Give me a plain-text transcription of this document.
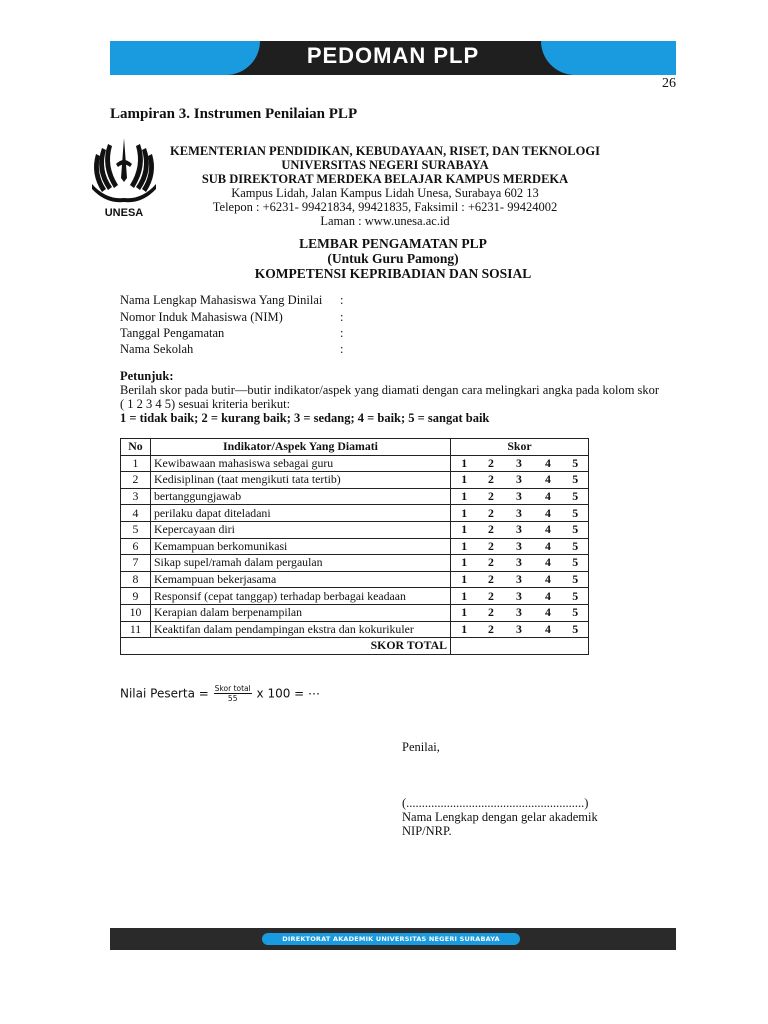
PEDOMAN PLP
26
Lampiran 3. Instrumen Penilaian PLP
UNESA
KEMENTERIAN PENDIDIKAN, KEBUDAYAAN, RISET, DAN TEKNOLOGI
UNIVERSITAS NEGERI SURABAYA
SUB DIREKTORAT MERDEKA BELAJAR KAMPUS MERDEKA
Kampus Lidah, Jalan Kampus Lidah Unesa, Surabaya 602 13
Telepon : +6231- 99421834, 99421835, Faksimil : +6231- 99424002
Laman : www.unesa.ac.id
LEMBAR PENGAMATAN PLP
(Untuk Guru Pamong)
KOMPETENSI KEPRIBADIAN DAN SOSIAL
Nama Lengkap Mahasiswa Yang Dinilai :
Nomor Induk Mahasiswa (NIM)	:
Tanggal Pengamatan	:
Nama Sekolah	:
Petunjuk:
Berilah skor pada butir—butir indikator/aspek yang diamati dengan cara melingkari angka pada kolom skor
( 1 2 3 4 5) sesuai kriteria berikut:
1 = tidak baik; 2 = kurang baik; 3 = sedang; 4 = baik; 5 = sangat baik
No	Indikator/Aspek Yang Diamati	Skor				
1	Kewibawaan mahasiswa sebagai guru	1	2	3	4	5
2	Kedisiplinan (taat mengikuti tata tertib)	1	2	3	4	5
3	bertanggungjawab	1	2	3	4	5
4	perilaku dapat diteladani	1	2	3	4	5
5	Kepercayaan diri	1	2	3	4	5
6	Kemampuan berkomunikasi	1	2	3	4	5
7	Sikap supel/ramah dalam pergaulan	1	2	3	4	5
8	Kemampuan bekerjasama	1	2	3	4	5
9	Responsif (cepat tanggap) terhadap berbagai keadaan	1	2	3	4	5
10	Kerapian dalam berpenampilan	1	2	3	4	5
11	Keaktifan dalam pendampingan ekstra dan kokurikuler	1	2	3	4	5
SKOR TOTAL						
Nilai Peserta = $\frac{\text{Skor total}}{55}$ x 100 = ⋯
Penilai,
(.........................................................)
Nama Lengkap dengan gelar akademik
NIP/NRP.
DIREKTORAT AKADEMIK UNIVERSITAS NEGERI SURABAYA
